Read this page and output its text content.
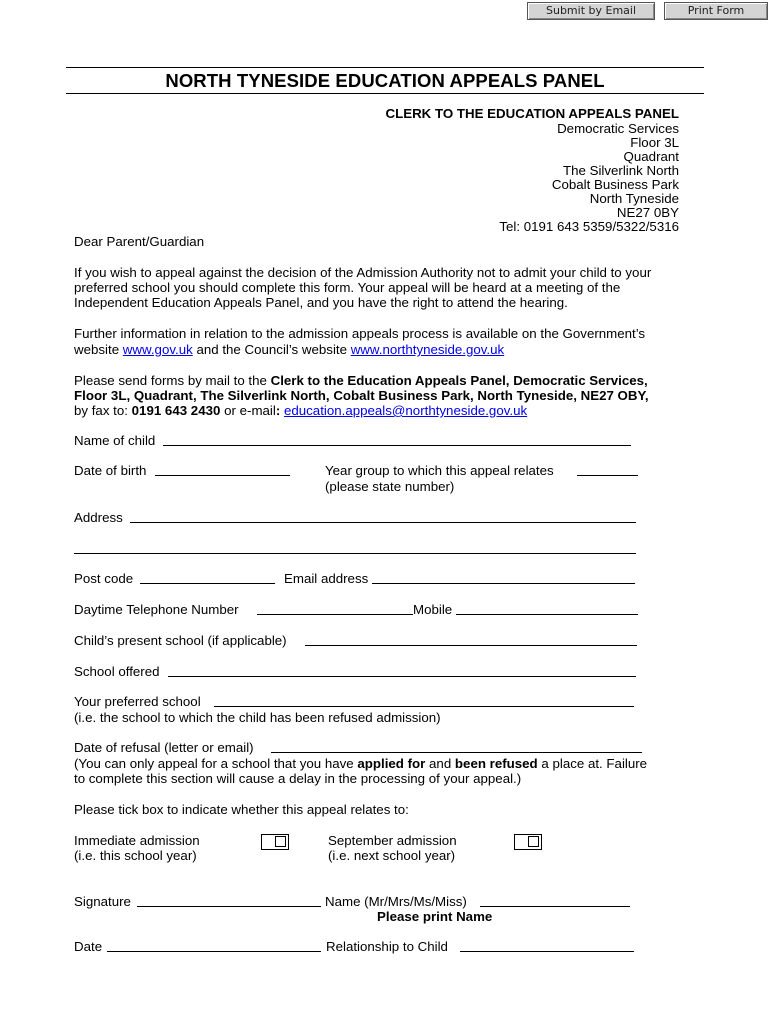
Submit by Email	Print Form
NORTH TYNESIDE EDUCATION APPEALS PANEL
CLERK TO THE EDUCATION APPEALS PANEL
Democratic Services
Floor 3L
Quadrant
The Silverlink North
Cobalt Business Park
North Tyneside
NE27 0BY
Tel: 0191 643 5359/5322/5316
Dear Parent/Guardian
If you wish to appeal against the decision of the Admission Authority not to admit your child to your
preferred school you should complete this form. Your appeal will be heard at a meeting of the
Independent Education Appeals Panel, and you have the right to attend the hearing.
Further information in relation to the admission appeals process is available on the Government’s
website www.gov.uk and the Council’s website www.northtyneside.gov.uk
Please send forms by mail to the Clerk to the Education Appeals Panel, Democratic Services,
Floor 3L, Quadrant, The Silverlink North, Cobalt Business Park, North Tyneside, NE27 OBY,
by fax to: 0191 643 2430 or e-mail: education.appeals@northtyneside.gov.uk
Name of child
Date of birth	Year group to which this appeal relates
(please state number)
Address
Post code	Email address
Daytime Telephone Number	Mobile
Child’s present school (if applicable)
School offered
Your preferred school
(i.e. the school to which the child has been refused admission)
Date of refusal (letter or email)
(You can only appeal for a school that you have applied for and been refused a place at. Failure
to complete this section will cause a delay in the processing of your appeal.)
Please tick box to indicate whether this appeal relates to:
Immediate admission
(i.e. this school year)
September admission
(i.e. next school year)
Signature	Name (Mr/Mrs/Ms/Miss)
Please print Name
Date	Relationship to Child
